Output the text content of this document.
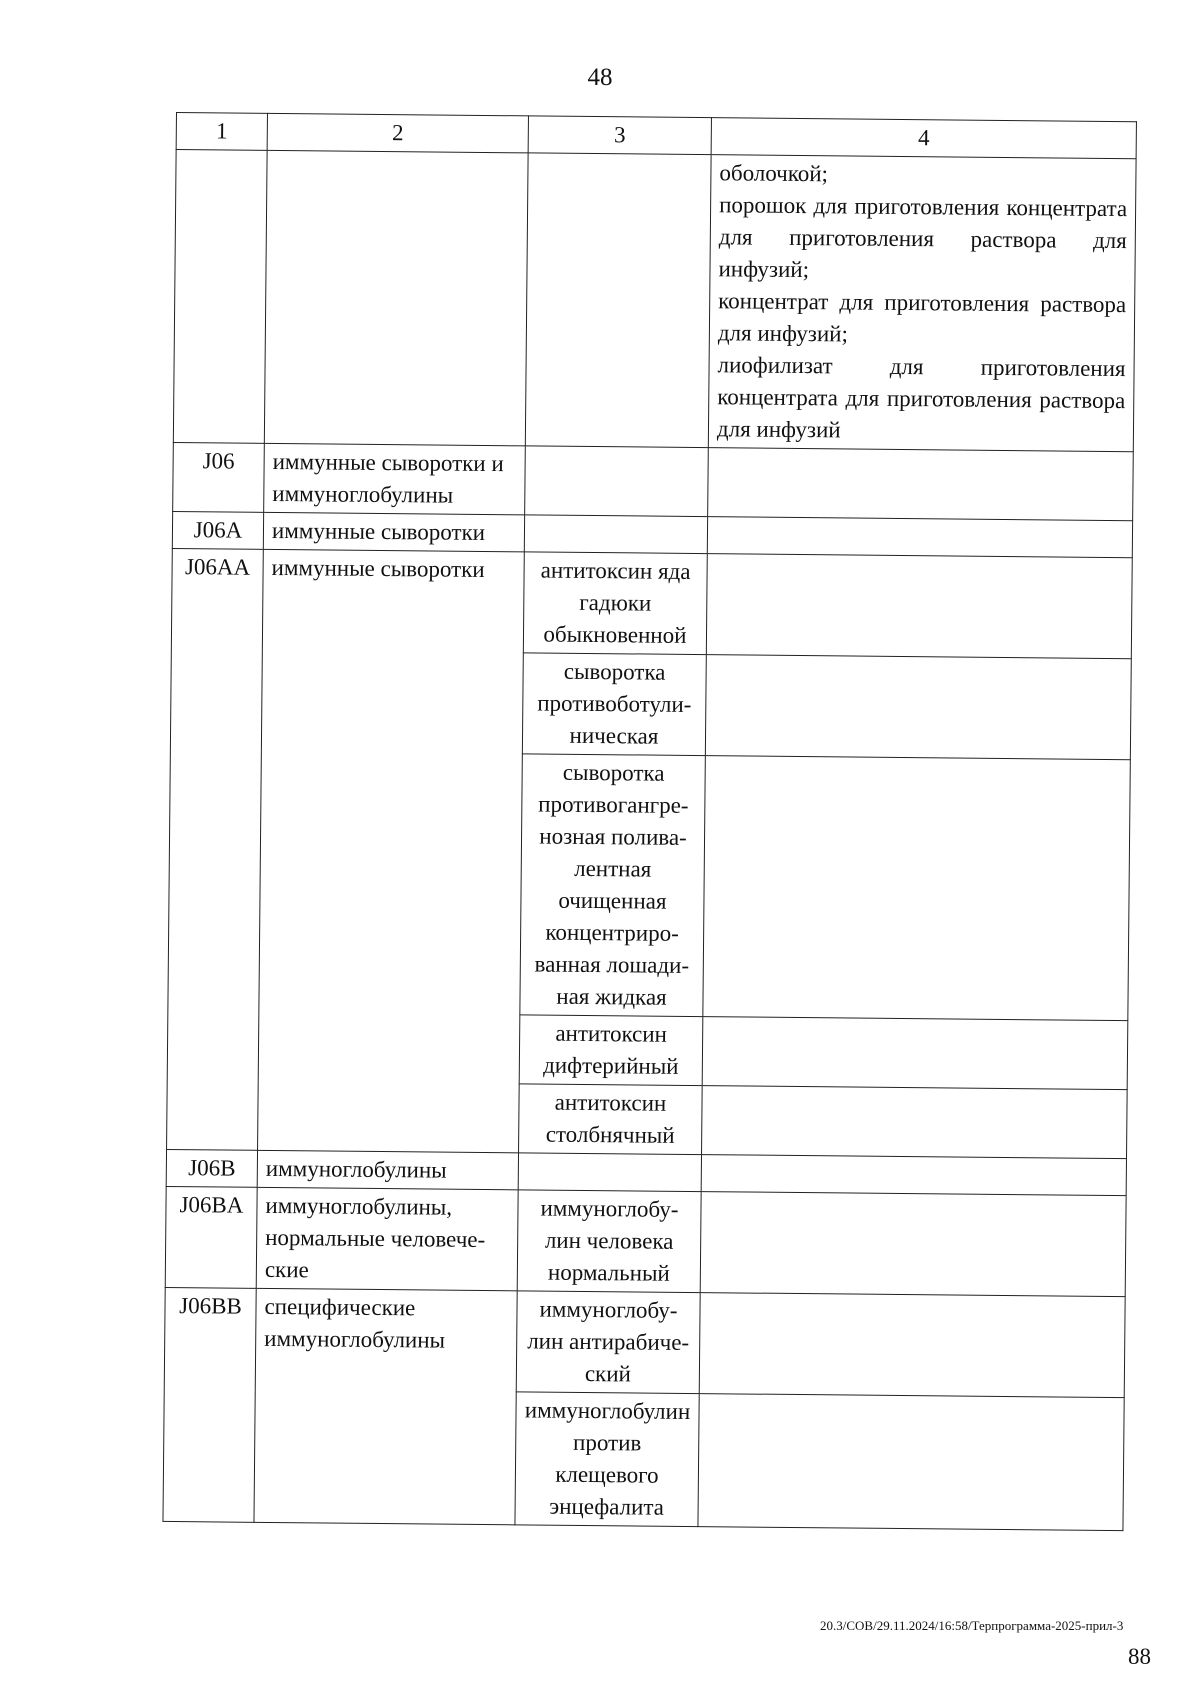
48
1	2	3	4
			оболочкой;
порошок для приготовления концентрата для приготовления раствора для инфузий;
концентрат для приготовления раствора для инфузий;
лиофилизат для приготовления концентрата для приготовления раствора для инфузий
J06	иммунные сыворотки и иммуноглобулины		
J06A	иммунные сыворотки		
J06AA	иммунные сыворотки	антитоксин яда гадюки обыкновенной	
		сыворотка противоботули-ническая	
		сыворотка противогангре-нозная полива-лентная очищенная концентриро-ванная лошади-ная жидкая	
		антитоксин дифтерийный	
		антитоксин столбнячный	
J06B	иммуноглобулины		
J06BA	иммуноглобулины, нормальные человече-ские	иммуноглобу-лин человека нормальный	
J06BB	специфические иммуноглобулины	иммуноглобу-лин антирабиче-ский	
		иммуноглобулин против клещевого энцефалита	
20.3/СОВ/29.11.2024/16:58/Терпрограмма-2025-прил-3
88
